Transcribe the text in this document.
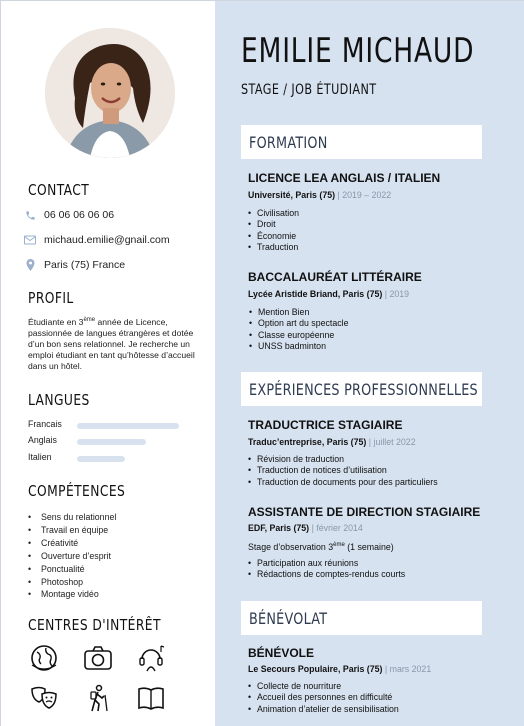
CONTACT
06 06 06 06 06
michaud.emilie@gnail.com
Paris (75) France
PROFIL
Étudiante en 3ème année de Licence, passionnée de langues étrangères et dotée d’un bon sens relationnel. Je recherche un emploi étudiant en tant qu’hôtesse d’accueil dans un hôtel.
LANGUES
Francais
Anglais
Italien
COMPÉTENCES
• Sens du relationnel
• Travail en équipe
• Créativité
• Ouverture d’esprit
• Ponctualité
• Photoshop
• Montage vidéo
CENTRES D'INTÉRÊT
EMILIE MICHAUD
STAGE / JOB ÉTUDIANT
FORMATION
LICENCE LEA ANGLAIS / ITALIEN
Université, Paris (75) | 2019 – 2022
• Civilisation
• Droit
• Économie
• Traduction
BACCALAURÉAT LITTÉRAIRE
Lycée Aristide Briand, Paris (75) | 2019
• Mention Bien
• Option art du spectacle
• Classe européenne
• UNSS badminton
EXPÉRIENCES PROFESSIONNELLES
TRADUCTRICE STAGIAIRE
Traduc’entreprise, Paris (75) | juillet 2022
• Révision de traduction
• Traduction de notices d’utilisation
• Traduction de documents pour des particuliers
ASSISTANTE DE DIRECTION STAGIAIRE
EDF, Paris (75) | février 2014
Stage d’observation 3ème (1 semaine)
• Participation aux réunions
• Rédactions de comptes-rendus courts
BÉNÉVOLAT
BÉNÉVOLE
Le Secours Populaire, Paris (75) | mars 2021
• Collecte de nourriture
• Accueil des personnes en difficulté
• Animation d’atelier de sensibilisation
